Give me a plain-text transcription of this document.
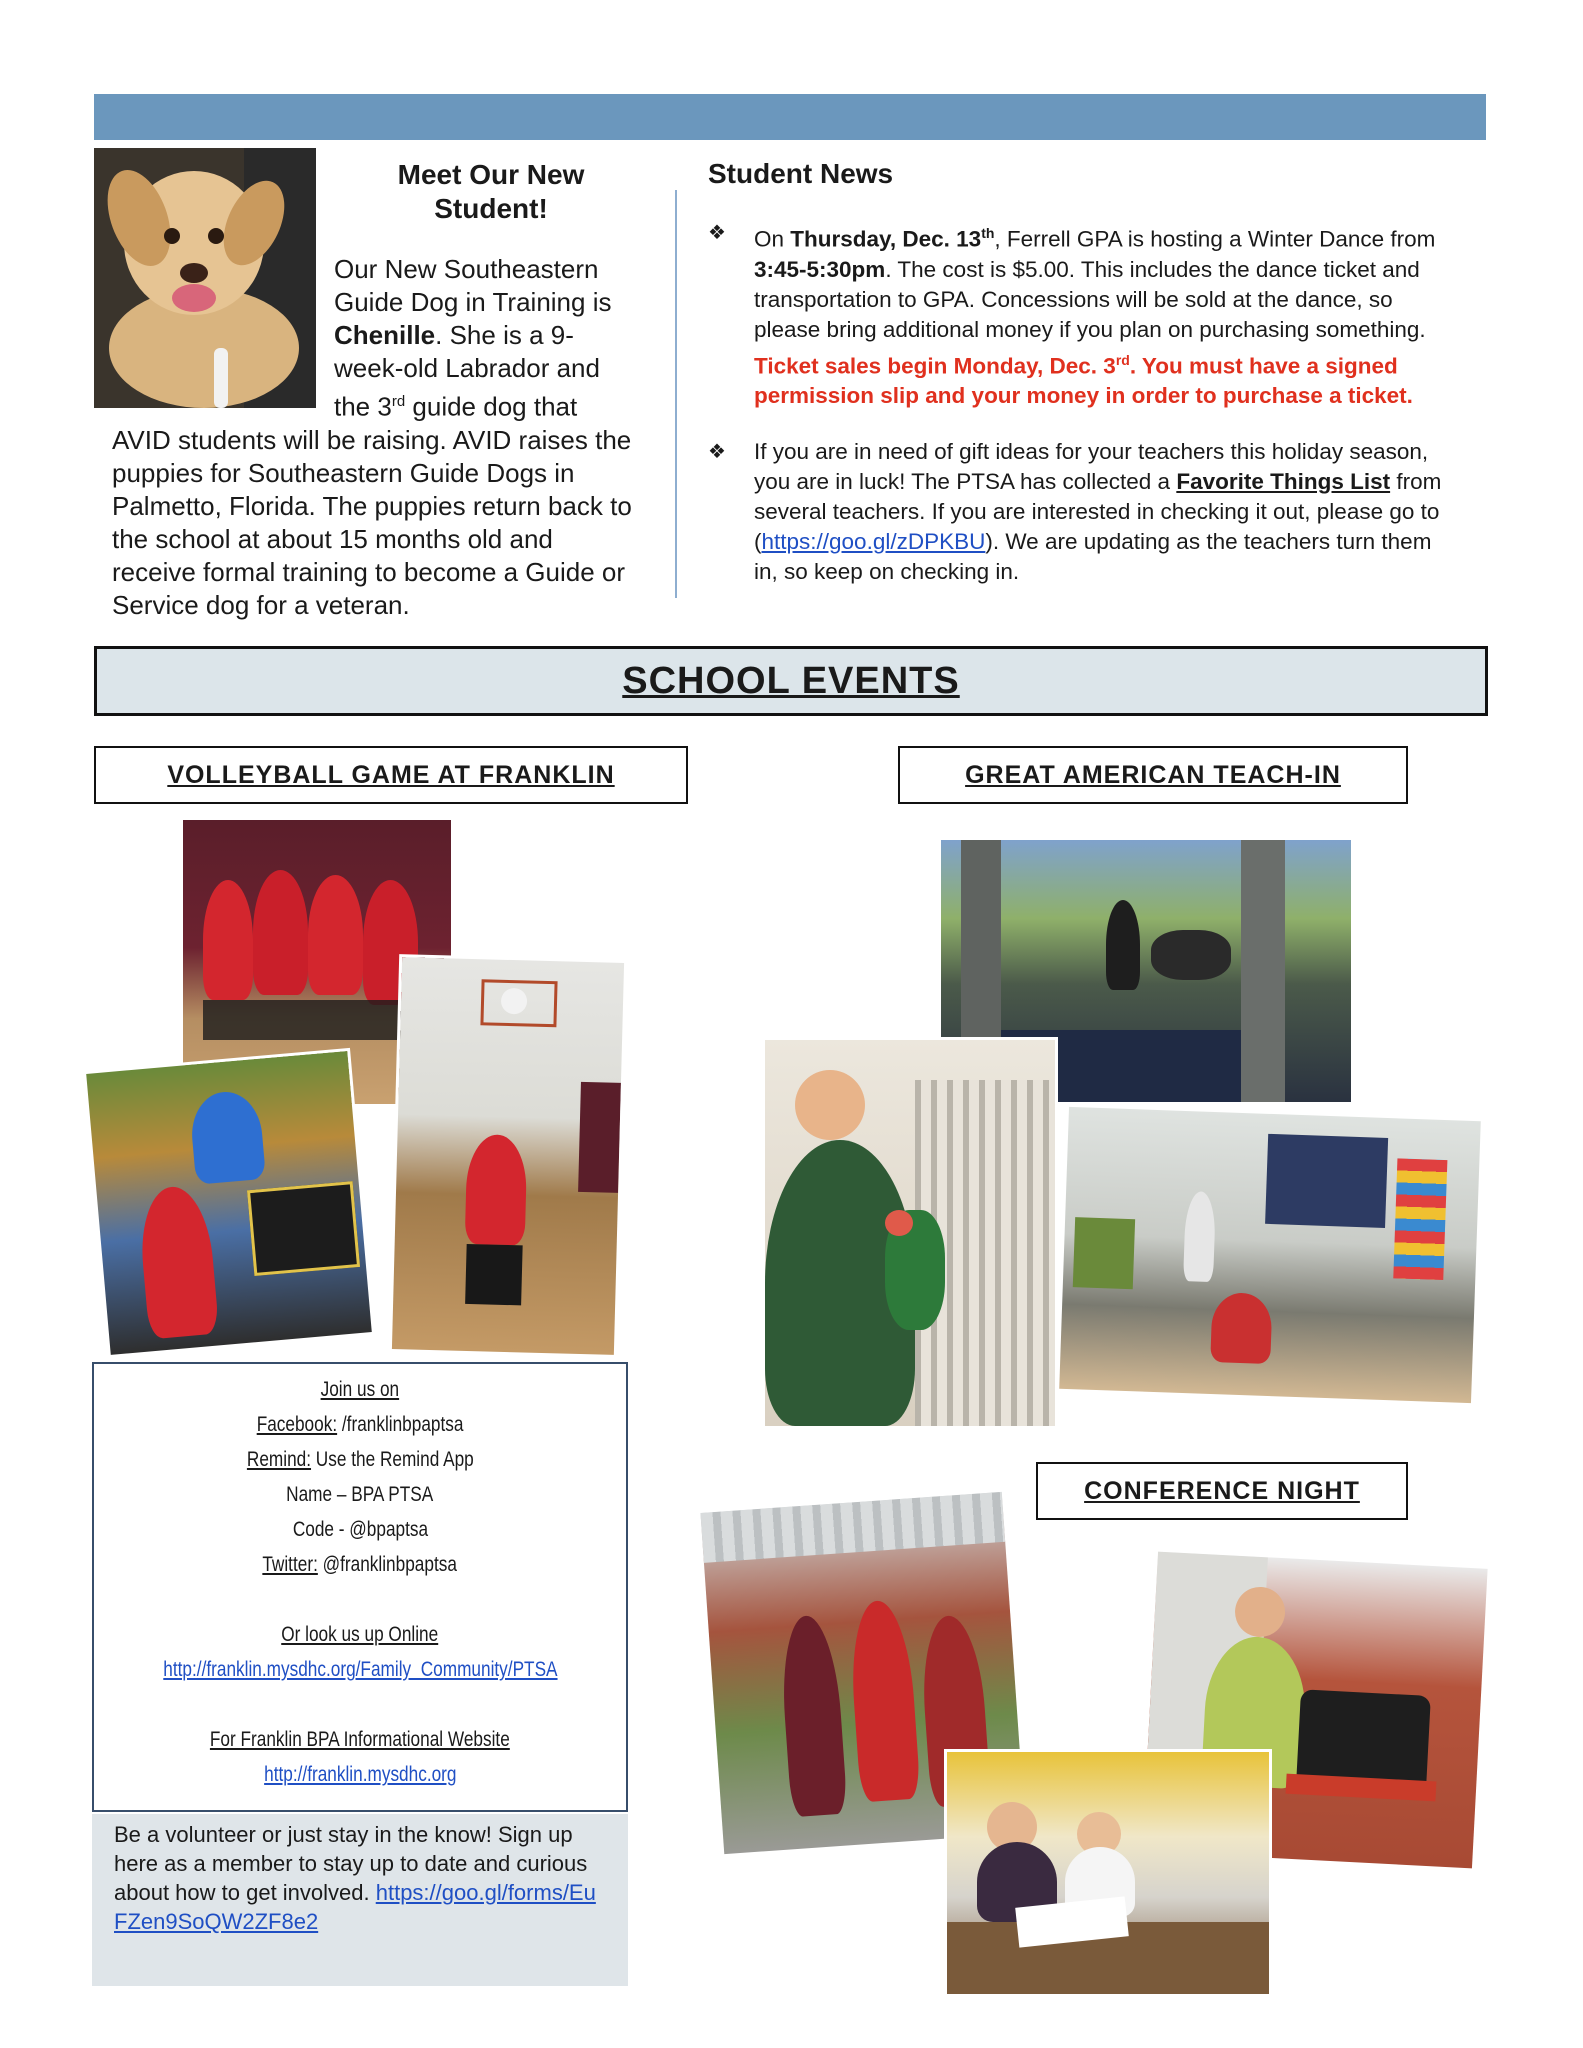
Meet Our New Student!
Our New Southeastern Guide Dog in Training is Chenille. She is a 9-week-old Labrador and the 3rd guide dog that AVID students will be raising. AVID raises the puppies for Southeastern Guide Dogs in Palmetto, Florida. The puppies return back to the school at about 15 months old and receive formal training to become a Guide or Service dog for a veteran.
Student News
❖ On Thursday, Dec. 13th, Ferrell GPA is hosting a Winter Dance from 3:45-5:30pm. The cost is $5.00. This includes the dance ticket and transportation to GPA. Concessions will be sold at the dance, so please bring additional money if you plan on purchasing something. Ticket sales begin Monday, Dec. 3rd. You must have a signed permission slip and your money in order to purchase a ticket.
❖ If you are in need of gift ideas for your teachers this holiday season, you are in luck! The PTSA has collected a Favorite Things List from several teachers. If you are interested in checking it out, please go to (https://goo.gl/zDPKBU). We are updating as the teachers turn them in, so keep on checking in.
SCHOOL EVENTS
VOLLEYBALL GAME AT FRANKLIN	GREAT AMERICAN TEACH-IN
CONFERENCE NIGHT
Join us on
Facebook: /franklinbpaptsa
Remind: Use the Remind App
Name – BPA PTSA
Code - @bpaptsa
Twitter: @franklinbpaptsa
Or look us up Online
http://franklin.mysdhc.org/Family_Community/PTSA
For Franklin BPA Informational Website
http://franklin.mysdhc.org
Be a volunteer or just stay in the know! Sign up here as a member to stay up to date and curious about how to get involved. https://goo.gl/forms/EuFZen9SoQW2ZF8e2
